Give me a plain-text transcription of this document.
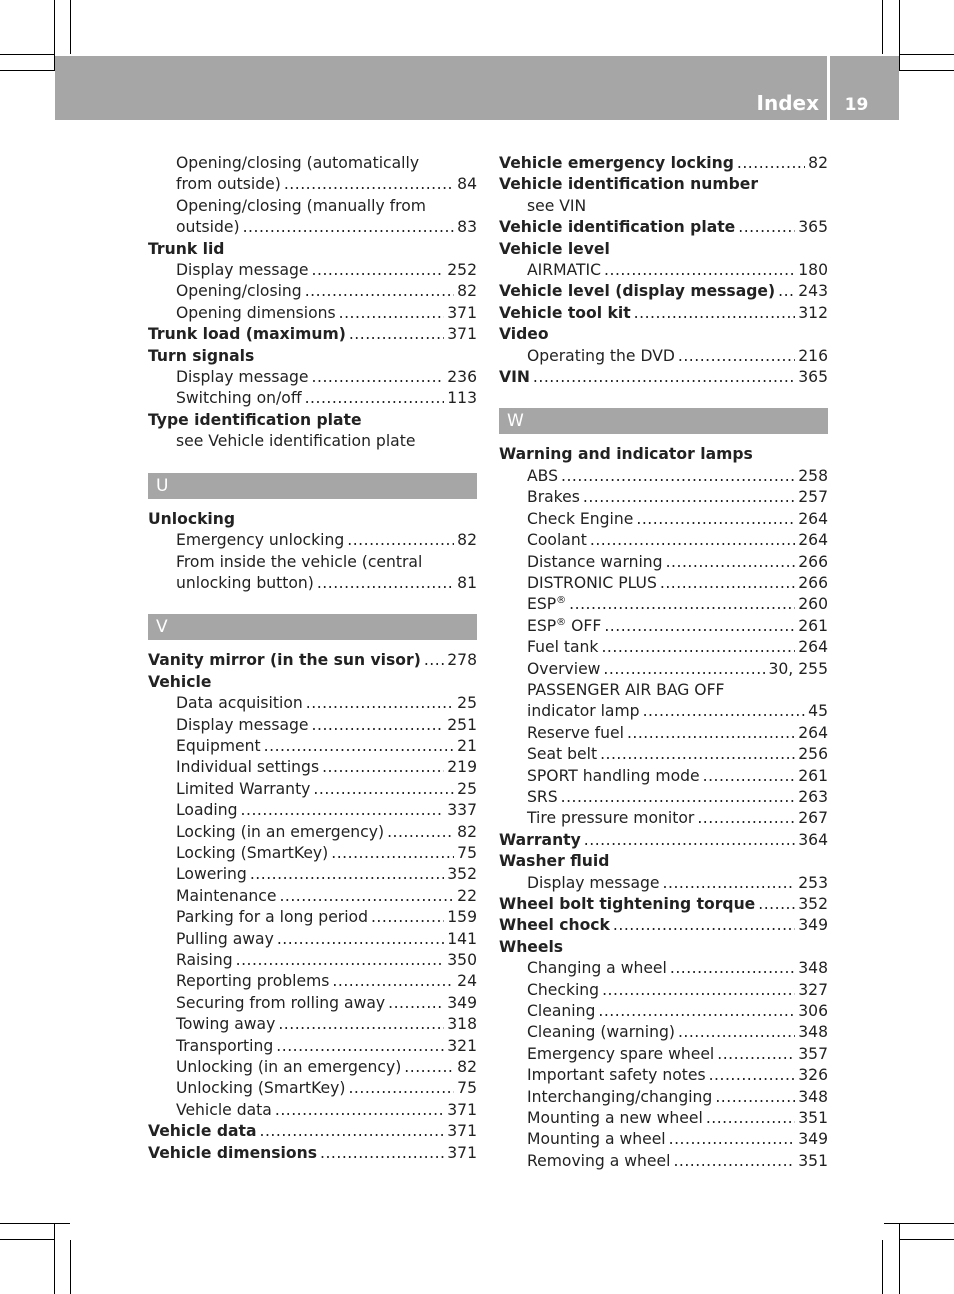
Index	19
Opening/closing (automatically
from outside) .....	84
Opening/closing (manually from
outside) .....	83
Trunk lid
Display message .....	252
Opening/closing .....	82
Opening dimensions .....	371
Trunk load (maximum) .....	371
Turn signals
Display message .....	236
Switching on/off .....	113
Type identification plate
see Vehicle identification plate
U
Unlocking
Emergency unlocking .....	82
From inside the vehicle (central
unlocking button) .....	81
V
Vanity mirror (in the sun visor) ..... 278
Vehicle
Data acquisition .....	25
Display message .....	251
Equipment .....	21
Individual settings .....	219
Limited Warranty .....	25
Loading .....	337
Locking (in an emergency) .....	82
Locking (SmartKey) .....	75
Lowering .....	352
Maintenance .....	22
Parking for a long period .....	159
Pulling away .....	141
Raising .....	350
Reporting problems .....	24
Securing from rolling away .....	349
Towing away .....	318
Transporting .....	321
Unlocking (in an emergency) .....	82
Unlocking (SmartKey) .....	75
Vehicle data .....	371
Vehicle data .....	371
Vehicle dimensions .....	371
Vehicle emergency locking .....	82
Vehicle identification number
see VIN
Vehicle identification plate .....	365
Vehicle level
AIRMATIC .....	180
Vehicle level (display message) ..... 243
Vehicle tool kit .....	312
Video
Operating the DVD .....	216
VIN .....	365
W
Warning and indicator lamps
ABS .....	258
Brakes .....	257
Check Engine .....	264
Coolant .....	264
Distance warning .....	266
DISTRONIC PLUS .....	266
ESP® .....	260
ESP® OFF .....	261
Fuel tank .....	264
Overview .....	30, 255
PASSENGER AIR BAG OFF
indicator lamp .....	45
Reserve fuel .....	264
Seat belt .....	256
SPORT handling mode .....	261
SRS .....	263
Tire pressure monitor .....	267
Warranty .....	364
Washer fluid
Display message .....	253
Wheel bolt tightening torque .....	352
Wheel chock .....	349
Wheels
Changing a wheel .....	348
Checking .....	327
Cleaning .....	306
Cleaning (warning) .....	348
Emergency spare wheel .....	357
Important safety notes .....	326
Interchanging/changing .....	348
Mounting a new wheel .....	351
Mounting a wheel .....	349
Removing a wheel .....	351
